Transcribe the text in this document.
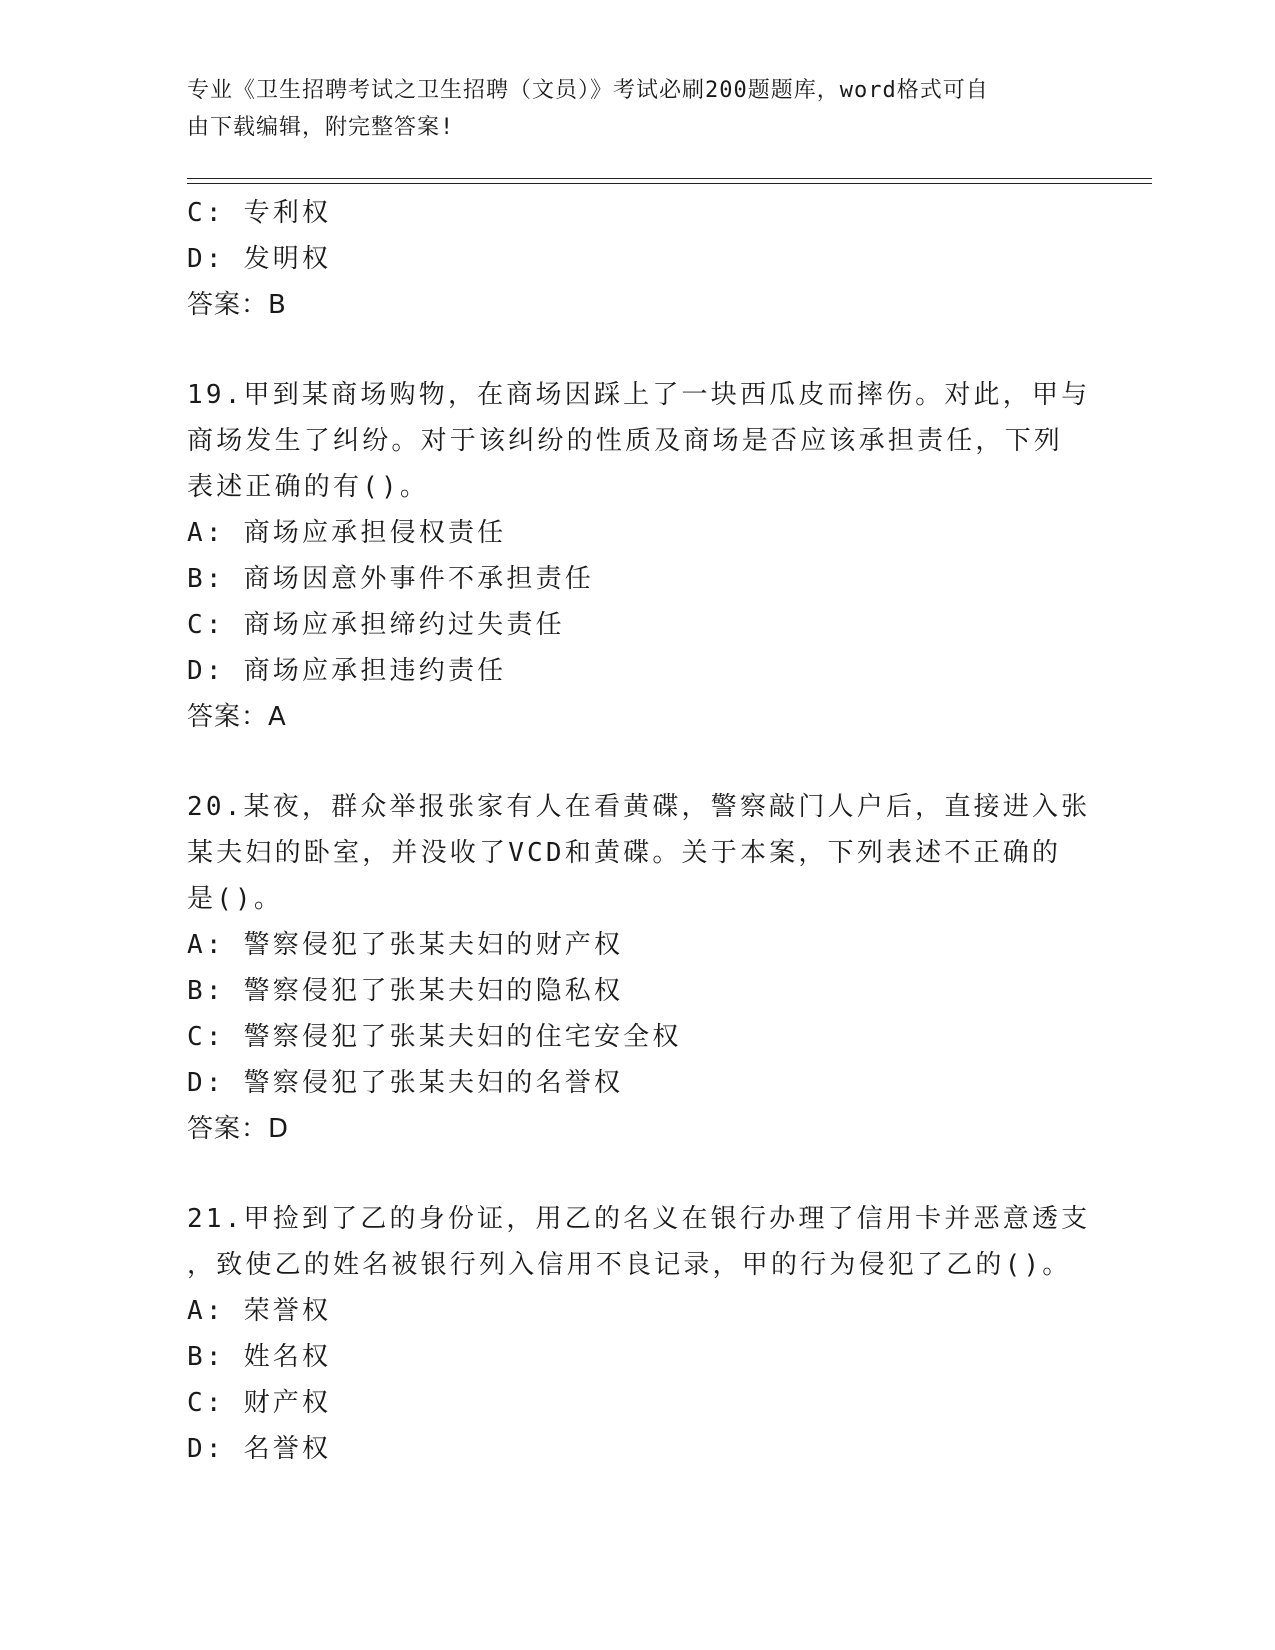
专业《卫生招聘考试之卫生招聘（文员）》考试必刷200题题库，word格式可自
由下载编辑，附完整答案!
C: 专利权
D: 发明权
答案：B
19.甲到某商场购物，在商场因踩上了一块西瓜皮而摔伤。对此，甲与
商场发生了纠纷。对于该纠纷的性质及商场是否应该承担责任，下列
表述正确的有()。
A: 商场应承担侵权责任
B: 商场因意外事件不承担责任
C: 商场应承担缔约过失责任
D: 商场应承担违约责任
答案：A
20.某夜，群众举报张家有人在看黄碟，警察敲门人户后，直接进入张
某夫妇的卧室，并没收了VCD和黄碟。关于本案，下列表述不正确的
是()。
A: 警察侵犯了张某夫妇的财产权
B: 警察侵犯了张某夫妇的隐私权
C: 警察侵犯了张某夫妇的住宅安全权
D: 警察侵犯了张某夫妇的名誉权
答案：D
21.甲捡到了乙的身份证，用乙的名义在银行办理了信用卡并恶意透支
，致使乙的姓名被银行列入信用不良记录，甲的行为侵犯了乙的()。
A: 荣誉权
B: 姓名权
C: 财产权
D: 名誉权
